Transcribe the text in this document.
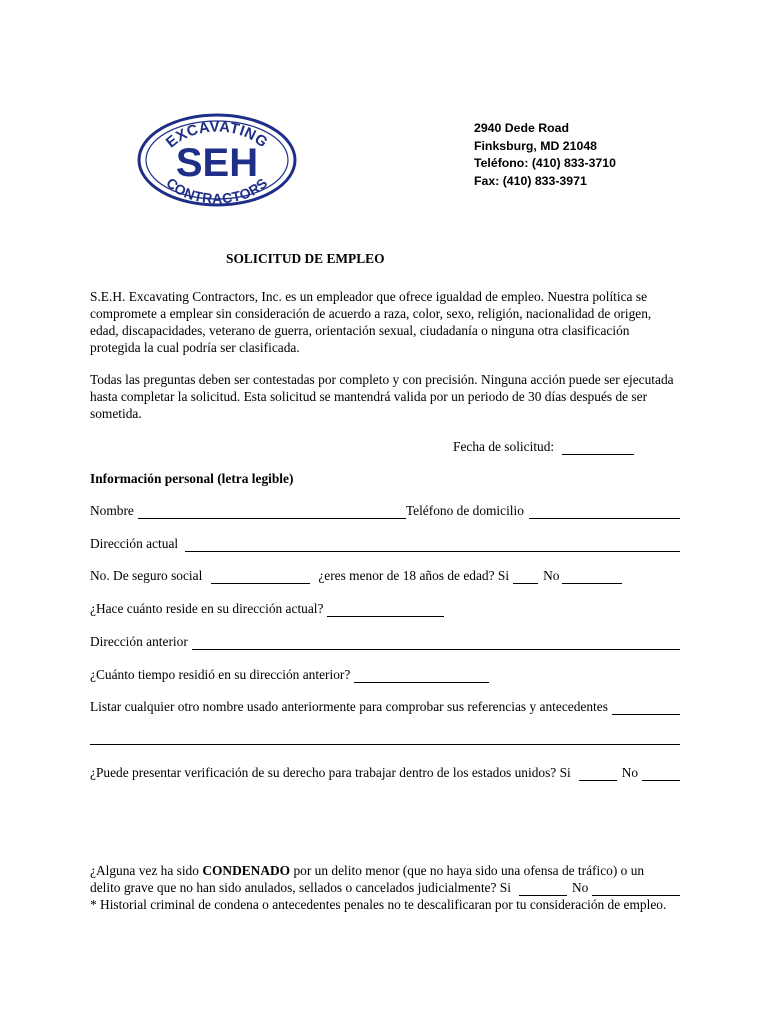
EXCAVATING
SEH
CONTRACTORS
2940 Dede Road
Finksburg, MD 21048
Teléfono: (410) 833-3710
Fax: (410) 833-3971
SOLICITUD DE EMPLEO
S.E.H. Excavating Contractors, Inc. es un empleador que ofrece igualdad de empleo. Nuestra política se compromete a emplear sin consideración de acuerdo a raza, color, sexo, religión, nacionalidad de origen, edad, discapacidades, veterano de guerra, orientación sexual, ciudadanía o ninguna otra clasificación protegida la cual podría ser clasificada.
Todas las preguntas deben ser contestadas por completo y con precisión. Ninguna acción puede ser ejecutada hasta completar la solicitud. Esta solicitud se mantendrá valida por un periodo de 30 días después de ser sometida.
Fecha de solicitud:
Información personal (letra legible)
Nombre	Teléfono de domicilio
Dirección actual
No. De seguro social	¿eres menor de 18 años de edad? Si	No
¿Hace cuánto reside en su dirección actual?
Dirección anterior
¿Cuánto tiempo residió en su dirección anterior?
Listar cualquier otro nombre usado anteriormente para comprobar sus referencias y antecedentes
¿Puede presentar verificación de su derecho para trabajar dentro de los estados unidos? Si	No
¿Alguna vez ha sido CONDENADO por un delito menor (que no haya sido una ofensa de tráfico) o un
delito grave que no han sido anulados, sellados o cancelados judicialmente? Si	No
* Historial criminal de condena o antecedentes penales no te descalificaran por tu consideración de empleo.
